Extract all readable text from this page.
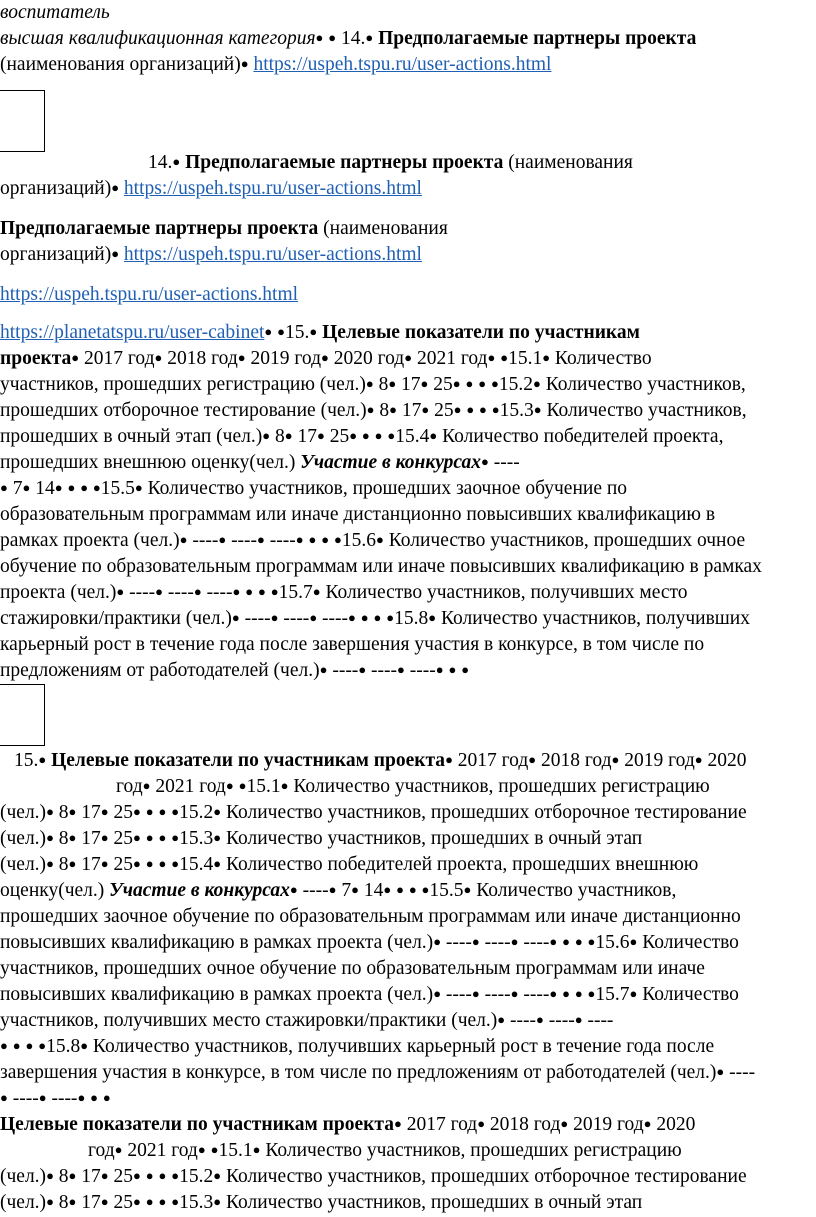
воспитатель
высшая квалификационная категория● ● 14. ● Предполагаемые партнеры проекта
(наименования организаций) ● https://uspeh.tspu.ru/user-actions.html
14. ● Предполагаемые партнеры проекта (наименования
организаций) ● https://uspeh.tspu.ru/user-actions.html
Предполагаемые партнеры проекта (наименования
организаций) ● https://uspeh.tspu.ru/user-actions.html
https://uspeh.tspu.ru/user-actions.html
https://planetatspu.ru/user-cabinet ● ● 15.● Целевые показатели по участникам
проекта● 2017 год● 2018 год● 2019 год● 2020 год● 2021 год ● ● 15.1● Количество
участников, прошедших регистрацию (чел.)● 8● 17● 25 ● ● ● ● 15.2● Количество участников,
прошедших отборочное тестирование (чел.)● 8● 17● 25 ● ● ● ● 15.3● Количество участников,
прошедших в очный этап (чел.)● 8● 17● 25 ● ● ● ● 15.4● Количество победителей проекта,
прошедших внешнюю оценку(чел.) Участие в конкурсах● ----
● 7● 14 ● ● ● ● 15.5● Количество участников, прошедших заочное обучение по
образовательным программам или иначе дистанционно повысивших квалификацию в
рамках проекта (чел.)● ----● ----● ---- ● ● ● ● 15.6● Количество участников, прошедших очное
обучение по образовательным программам или иначе повысивших квалификацию в рамках
проекта (чел.)● ----● ----● ---- ● ● ● ● 15.7● Количество участников, получивших место
стажировки/практики (чел.)● ----● ----● ---- ● ● ● ● 15.8● Количество участников, получивших
карьерный рост в течение года после завершения участия в конкурсе, в том числе по
предложениям от работодателей (чел.)● ----● ----● ----● ● ●
15.● Целевые показатели по участникам проекта● 2017 год● 2018 год● 2019 год● 2020
год● 2021 год ● ● 15.1● Количество участников, прошедших регистрацию
(чел.)● 8● 17● 25 ● ● ● ● 15.2● Количество участников, прошедших отборочное тестирование
(чел.)● 8● 17● 25 ● ● ● ● 15.3● Количество участников, прошедших в очный этап
(чел.)● 8● 17● 25 ● ● ● ● 15.4● Количество победителей проекта, прошедших внешнюю
оценку(чел.) Участие в конкурсах● ----● 7● 14 ● ● ● ● 15.5● Количество участников,
прошедших заочное обучение по образовательным программам или иначе дистанционно
повысивших квалификацию в рамках проекта (чел.)● ----● ----● ---- ● ● ● ● 15.6● Количество
участников, прошедших очное обучение по образовательным программам или иначе
повысивших квалификацию в рамках проекта (чел.)● ----● ----● ---- ● ● ● ● 15.7● Количество
участников, получивших место стажировки/практики (чел.)● ----● ----● ----
● ● ● ● 15.8● Количество участников, получивших карьерный рост в течение года после
завершения участия в конкурсе, в том числе по предложениям от работодателей (чел.)● ----
● ----● ----● ● ●
Целевые показатели по участникам проекта● 2017 год● 2018 год● 2019 год● 2020
год● 2021 год ● ● 15.1● Количество участников, прошедших регистрацию
(чел.)● 8● 17● 25 ● ● ● ● 15.2● Количество участников, прошедших отборочное тестирование
(чел.)● 8● 17● 25 ● ● ● ● 15.3● Количество участников, прошедших в очный этап
